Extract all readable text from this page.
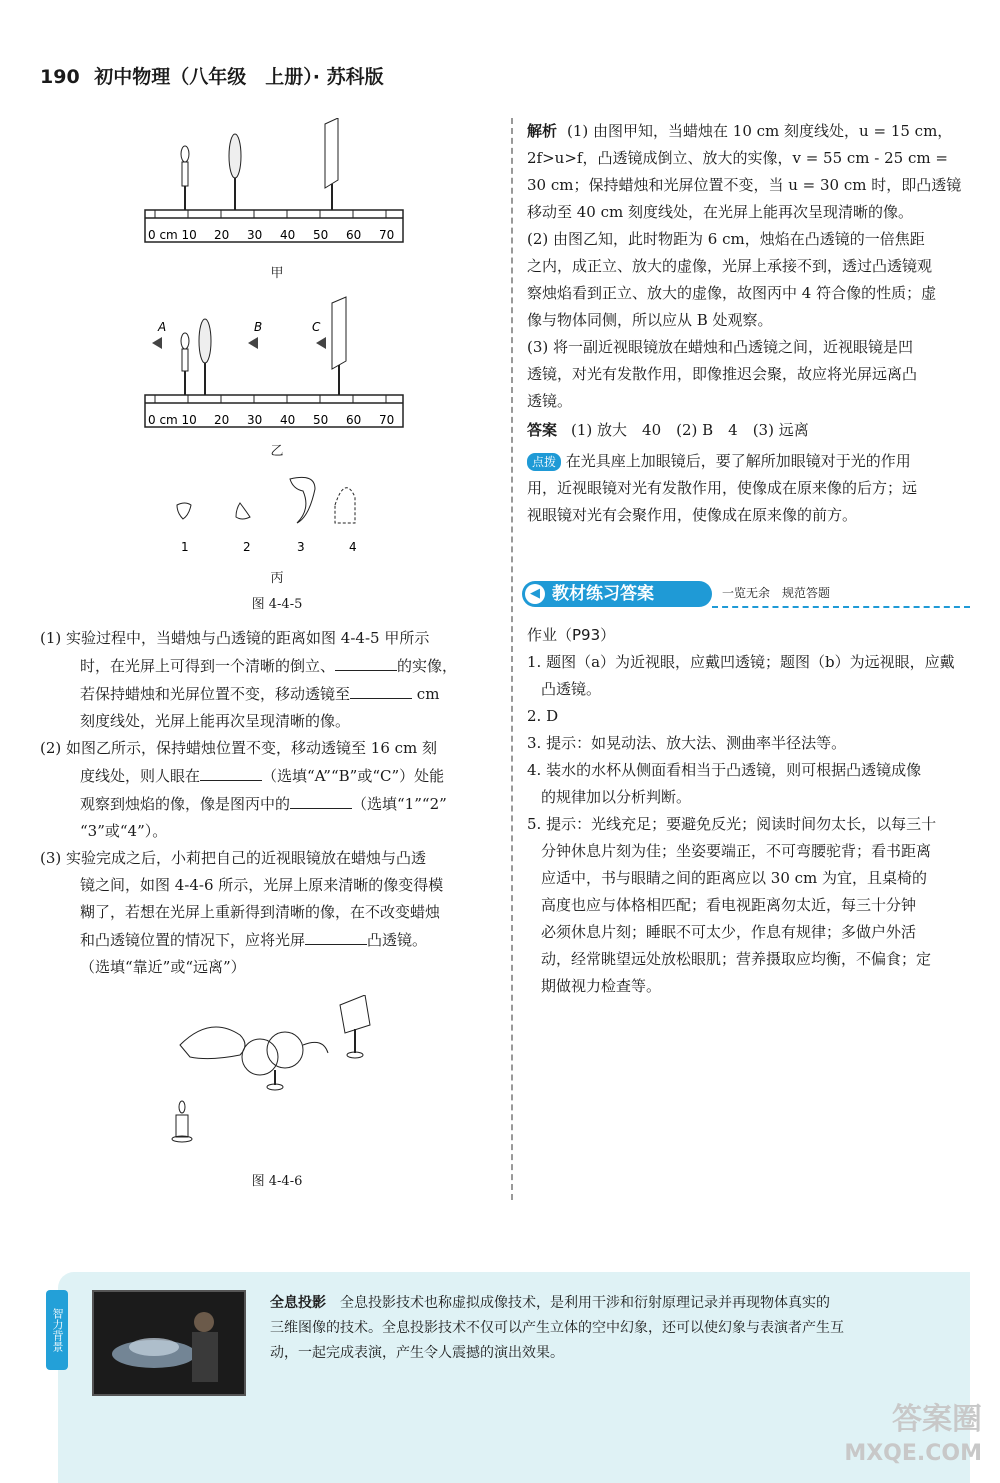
190 初中物理（八年级　上册）· 苏科版
0 cm 10 20 30 40 50 60 70
甲
A	B	C
0 cm 10 20 30 40 50 60 70
乙
1	2	3	4
丙
图 4-4-5
(1) 实验过程中，当蜡烛与凸透镜的距离如图 4-4-5 甲所示
时，在光屏上可得到一个清晰的倒立、	的实像，
若保持蜡烛和光屏位置不变，移动透镜至	cm
刻度线处，光屏上能再次呈现清晰的像。
(2) 如图乙所示，保持蜡烛位置不变，移动透镜至 16 cm 刻
度线处，则人眼在	（选填“A”“B”或“C”）处能
观察到烛焰的像，像是图丙中的	（选填“1”“2”
“3”或“4”）。
(3) 实验完成之后，小莉把自己的近视眼镜放在蜡烛与凸透
镜之间，如图 4-4-6 所示，光屏上原来清晰的像变得模
糊了，若想在光屏上重新得到清晰的像，在不改变蜡烛
和凸透镜位置的情况下，应将光屏	凸透镜。
（选填“靠近”或“远离”）
图 4-4-6
解析 (1) 由图甲知，当蜡烛在 10 cm 刻度线处，u = 15 cm，
2f>u>f，凸透镜成倒立、放大的实像，v = 55 cm - 25 cm =
30 cm；保持蜡烛和光屏位置不变，当 u = 30 cm 时，即凸透镜
移动至 40 cm 刻度线处，在光屏上能再次呈现清晰的像。
(2) 由图乙知，此时物距为 6 cm，烛焰在凸透镜的一倍焦距
之内，成正立、放大的虚像，光屏上承接不到，透过凸透镜观
察烛焰看到正立、放大的虚像，故图丙中 4 符合像的性质；虚
像与物体同侧，所以应从 B 处观察。
(3) 将一副近视眼镜放在蜡烛和凸透镜之间，近视眼镜是凹
透镜，对光有发散作用，即像推迟会聚，故应将光屏远离凸
透镜。
答案 (1) 放大　40　(2) B　4　(3) 远离
点拨 在光具座上加眼镜后，要了解所加眼镜对于光的作用
用，近视眼镜对光有发散作用，使像成在原来像的后方；远
视眼镜对光有会聚作用，使像成在原来像的前方。
◀ 教材练习答案	一览无余　规范答题
作业（P93）
1. 题图（a）为近视眼，应戴凹透镜；题图（b）为远视眼，应戴
凸透镜。
2. D
3. 提示：如晃动法、放大法、测曲率半径法等。
4. 装水的水杯从侧面看相当于凸透镜，则可根据凸透镜成像
的规律加以分析判断。
5. 提示：光线充足；要避免反光；阅读时间勿太长，以每三十
分钟休息片刻为佳；坐姿要端正，不可弯腰驼背；看书距离
应适中，书与眼睛之间的距离应以 30 cm 为宜，且桌椅的
高度也应与体格相匹配；看电视距离勿太近，每三十分钟
必须休息片刻；睡眠不可太少，作息有规律；多做户外活
动，经常眺望远处放松眼肌；营养摄取应均衡，不偏食；定
期做视力检查等。
智力背景
全息投影 全息投影技术也称虚拟成像技术，是利用干涉和衍射原理记录并再现物体真实的
三维图像的技术。全息投影技术不仅可以产生立体的空中幻象，还可以使幻象与表演者产生互
动，一起完成表演，产生令人震撼的演出效果。
答案圈
MXQE.COM
